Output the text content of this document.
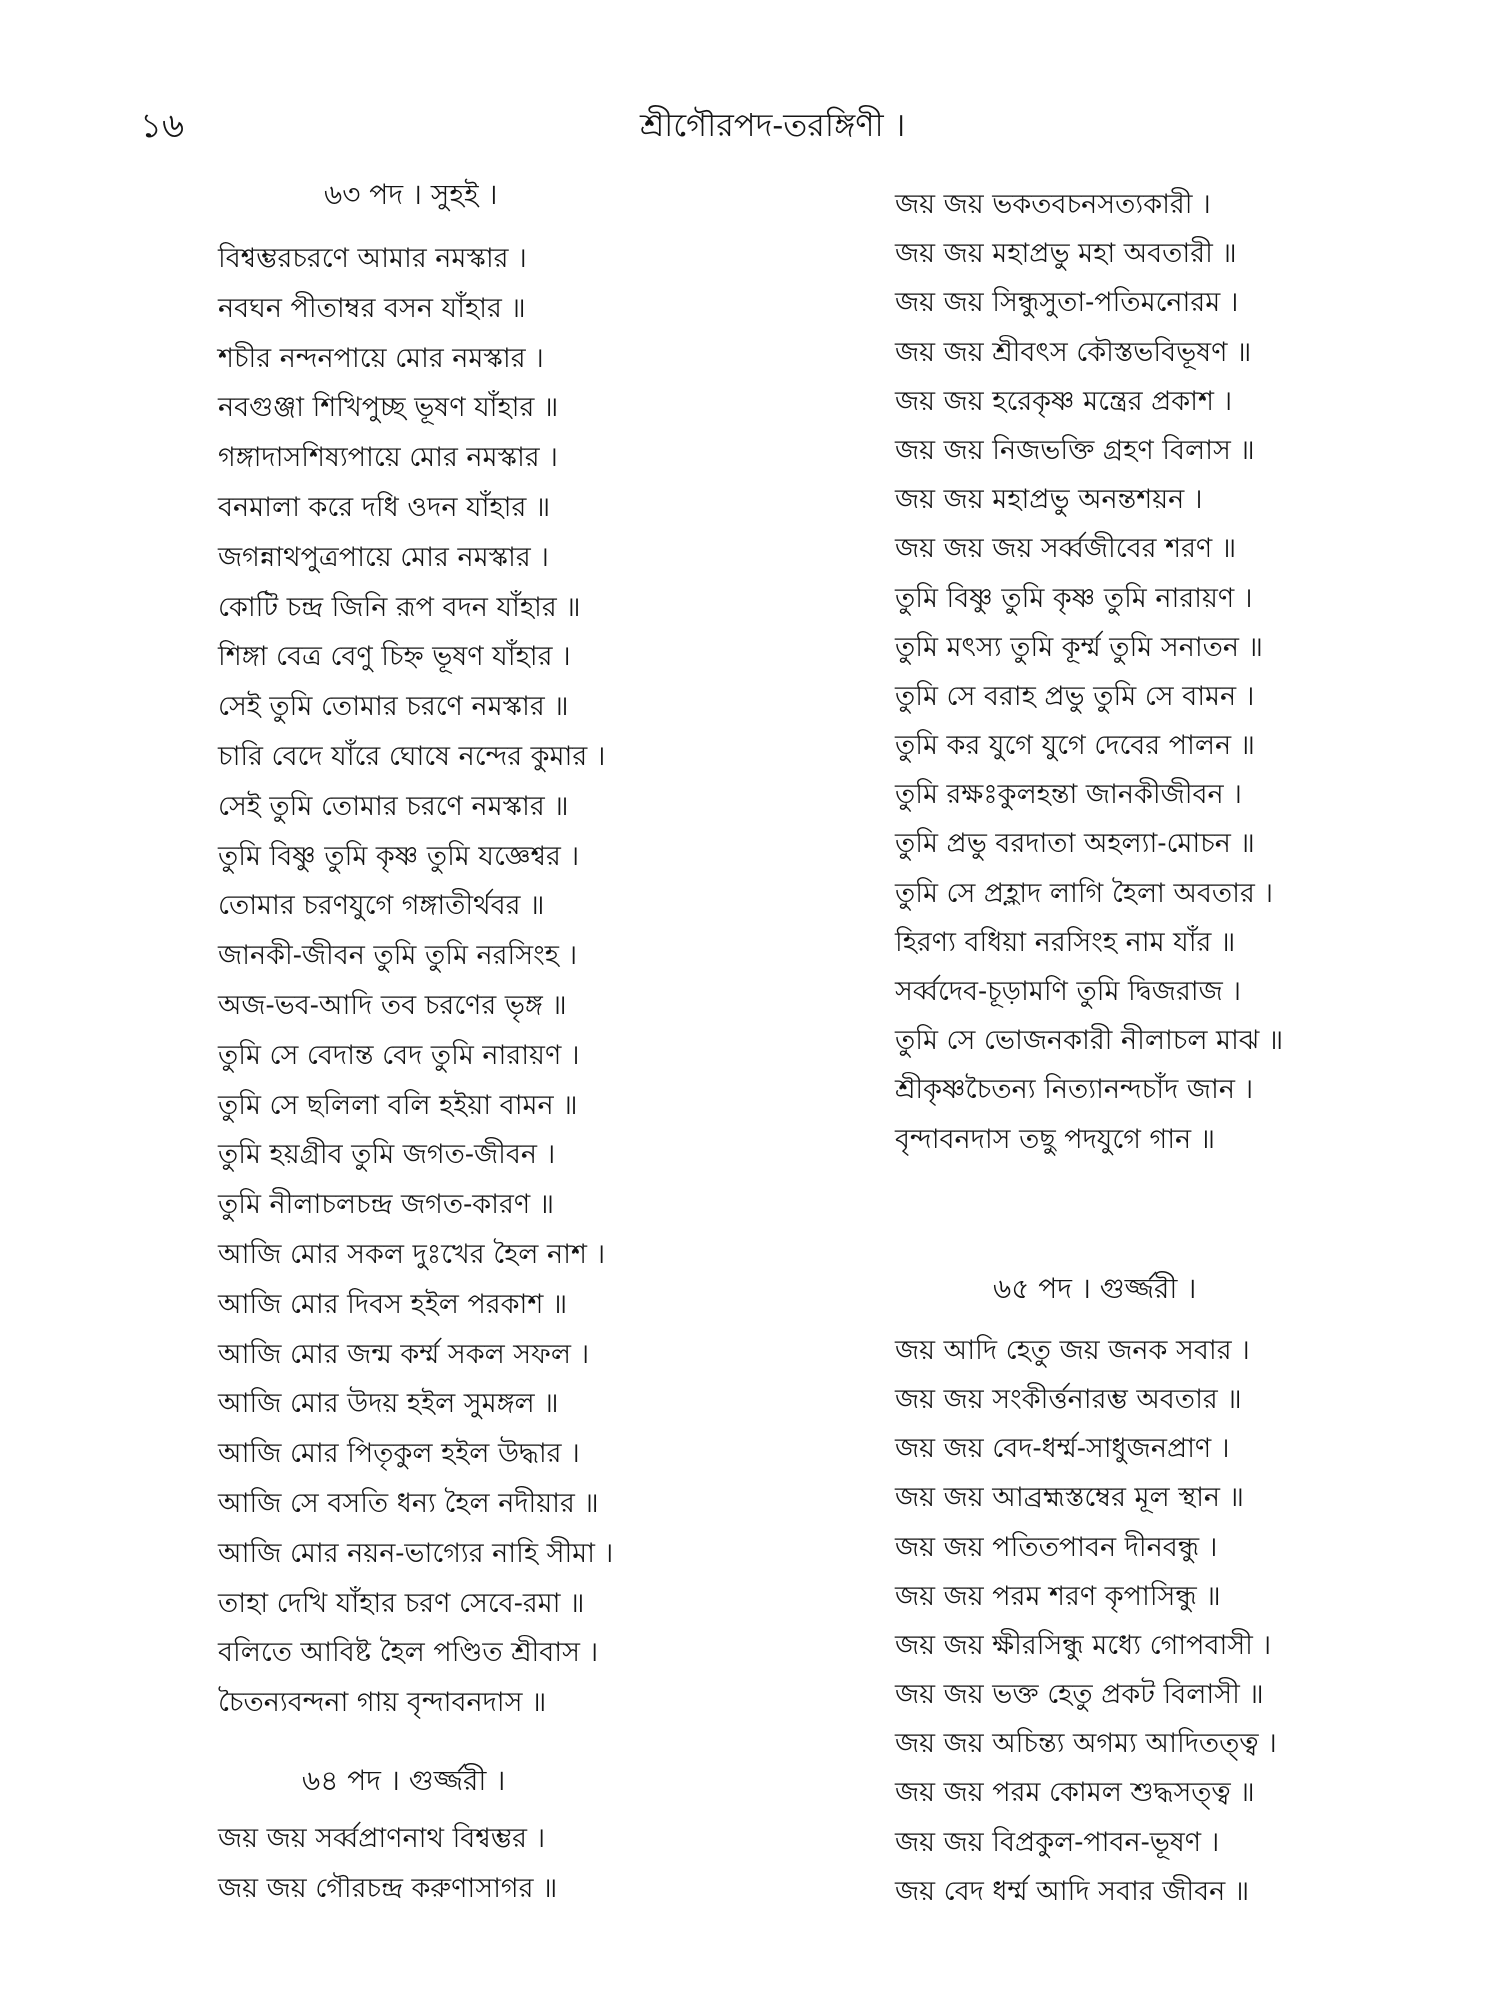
১৬	শ্রীগৌরপদ-তরঙ্গিণী ।
৬৩ পদ । সুহই ।
বিশ্বম্ভরচরণে আমার নমস্কার ।
নবঘন পীতাম্বর বসন যাঁহার ॥
শচীর নন্দনপায়ে মোর নমস্কার ।
নবগুঞ্জা শিখিপুচ্ছ ভূষণ যাঁহার ॥
গঙ্গাদাসশিষ্যপায়ে মোর নমস্কার ।
বনমালা করে দধি ওদন যাঁহার ॥
জগন্নাথপুত্রপায়ে মোর নমস্কার ।
কোটি চন্দ্র জিনি রূপ বদন যাঁহার ॥
শিঙ্গা বেত্র বেণু চিহ্ন ভূষণ যাঁহার ।
সেই তুমি তোমার চরণে নমস্কার ॥
চারি বেদে যাঁরে ঘোষে নন্দের কুমার ।
সেই তুমি তোমার চরণে নমস্কার ॥
তুমি বিষ্ণু তুমি কৃষ্ণ তুমি যজ্ঞেশ্বর ।
তোমার চরণযুগে গঙ্গাতীর্থবর ॥
জানকী-জীবন তুমি তুমি নরসিংহ ।
অজ-ভব-আদি তব চরণের ভৃঙ্গ ॥
তুমি সে বেদান্ত বেদ তুমি নারায়ণ ।
তুমি সে ছলিলা বলি হইয়া বামন ॥
তুমি হয়গ্রীব তুমি জগত-জীবন ।
তুমি নীলাচলচন্দ্র জগত-কারণ ॥
আজি মোর সকল দুঃখের হৈল নাশ ।
আজি মোর দিবস হইল পরকাশ ॥
আজি মোর জন্ম কর্ম্ম সকল সফল ।
আজি মোর উদয় হইল সুমঙ্গল ॥
আজি মোর পিতৃকুল হইল উদ্ধার ।
আজি সে বসতি ধন্য হৈল নদীয়ার ॥
আজি মোর নয়ন-ভাগ্যের নাহি সীমা ।
তাহা দেখি যাঁহার চরণ সেবে-রমা ॥
বলিতে আবিষ্ট হৈল পণ্ডিত শ্রীবাস ।
চৈতন্যবন্দনা গায় বৃন্দাবনদাস ॥
৬৪ পদ । গুর্জ্জরী ।
জয় জয় সর্ব্বপ্রাণনাথ বিশ্বম্ভর ।
জয় জয় গৌরচন্দ্র করুণাসাগর ॥
জয় জয় ভকতবচনসত্যকারী ।
জয় জয় মহাপ্রভু মহা অবতারী ॥
জয় জয় সিন্ধুসুতা-পতিমনোরম ।
জয় জয় শ্রীবৎস কৌস্তভবিভূষণ ॥
জয় জয় হরেকৃষ্ণ মন্ত্রের প্রকাশ ।
জয় জয় নিজভক্তি গ্রহণ বিলাস ॥
জয় জয় মহাপ্রভু অনন্তশয়ন ।
জয় জয় জয় সর্ব্বজীবের শরণ ॥
তুমি বিষ্ণু তুমি কৃষ্ণ তুমি নারায়ণ ।
তুমি মৎস্য তুমি কূর্ম্ম তুমি সনাতন ॥
তুমি সে বরাহ প্রভু তুমি সে বামন ।
তুমি কর যুগে যুগে দেবের পালন ॥
তুমি রক্ষঃকুলহন্তা জানকীজীবন ।
তুমি প্রভু বরদাতা অহল্যা-মোচন ॥
তুমি সে প্রহ্লাদ লাগি হৈলা অবতার ।
হিরণ্য বধিয়া নরসিংহ নাম যাঁর ॥
সর্ব্বদেব-চূড়ামণি তুমি দ্বিজরাজ ।
তুমি সে ভোজনকারী নীলাচল মাঝ ॥
শ্রীকৃষ্ণচৈতন্য নিত্যানন্দচাঁদ জান ।
বৃন্দাবনদাস তছু পদযুগে গান ॥
৬৫ পদ । গুর্জ্জরী ।
জয় আদি হেতু জয় জনক সবার ।
জয় জয় সংকীর্ত্তনারম্ভ অবতার ॥
জয় জয় বেদ-ধর্ম্ম-সাধুজনপ্রাণ ।
জয় জয় আব্রহ্মস্তম্বের মূল স্থান ॥
জয় জয় পতিতপাবন দীনবন্ধু ।
জয় জয় পরম শরণ কৃপাসিন্ধু ॥
জয় জয় ক্ষীরসিন্ধু মধ্যে গোপবাসী ।
জয় জয় ভক্ত হেতু প্রকট বিলাসী ॥
জয় জয় অচিন্ত্য অগম্য আদিতত্ত্ব ।
জয় জয় পরম কোমল শুদ্ধসত্ত্ব ॥
জয় জয় বিপ্রকুল-পাবন-ভূষণ ।
জয় বেদ ধর্ম্ম আদি সবার জীবন ॥
